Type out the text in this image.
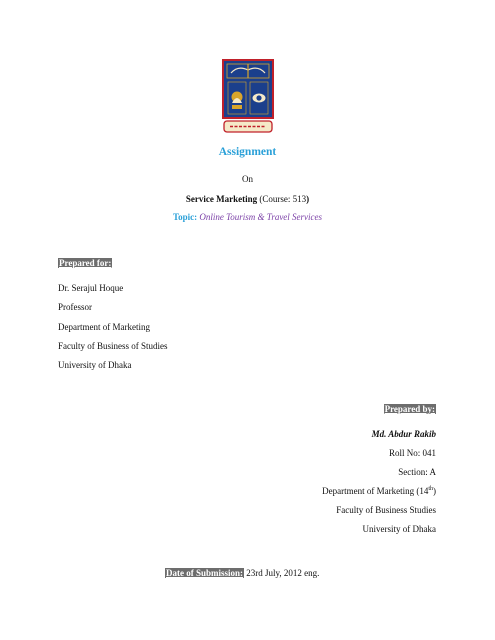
Assignment
On
Service Marketing (Course: 513)
Topic: Online Tourism & Travel Services
Prepared for:
Dr. Serajul Hoque
Professor
Department of Marketing
Faculty of Business of Studies
University of Dhaka
Prepared by:
Md. Abdur Rakib
Roll No: 041
Section: A
Department of Marketing (14th)
Faculty of Business Studies
University of Dhaka
Date of Submission: 23rd July, 2012 eng.
